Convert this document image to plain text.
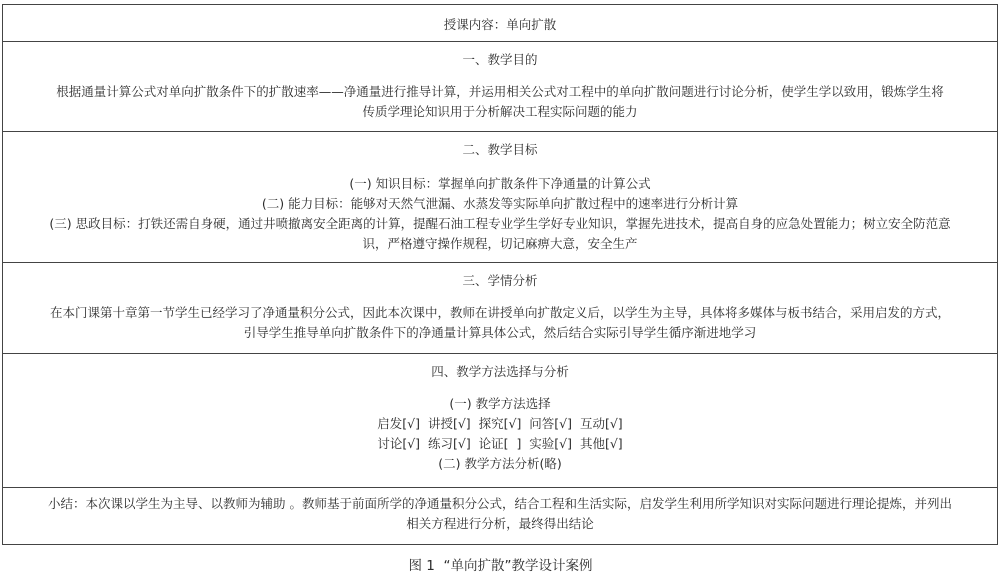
授课内容：单向扩散
一、教学目的
根据通量计算公式对单向扩散条件下的扩散速率——净通量进行推导计算，并运用相关公式对工程中的单向扩散问题进行讨论分析，使学生学以致用，锻炼学生将
传质学理论知识用于分析解决工程实际问题的能力
二、教学目标
(一) 知识目标：掌握单向扩散条件下净通量的计算公式
(二) 能力目标：能够对天然气泄漏、水蒸发等实际单向扩散过程中的速率进行分析计算
(三) 思政目标：打铁还需自身硬，通过井喷撤离安全距离的计算，提醒石油工程专业学生学好专业知识，掌握先进技术，提高自身的应急处置能力；树立安全防范意
识，严格遵守操作规程，切记麻痹大意，安全生产
三、学情分析
在本门课第十章第一节学生已经学习了净通量积分公式，因此本次课中，教师在讲授单向扩散定义后，以学生为主导，具体将多媒体与板书结合，采用启发的方式，
引导学生推导单向扩散条件下的净通量计算具体公式，然后结合实际引导学生循序渐进地学习
四、教学方法选择与分析
(一) 教学方法选择
启发[√]  讲授[√]  探究[√]  问答[√]  互动[√]
讨论[√]  练习[√]  论证[  ]  实验[√]  其他[√]
(二) 教学方法分析(略)
小结：本次课以学生为主导、以教师为辅助 。教师基于前面所学的净通量积分公式，结合工程和生活实际，启发学生利用所学知识对实际问题进行理论提炼，并列出
相关方程进行分析，最终得出结论
图 1  “单向扩散”教学设计案例
